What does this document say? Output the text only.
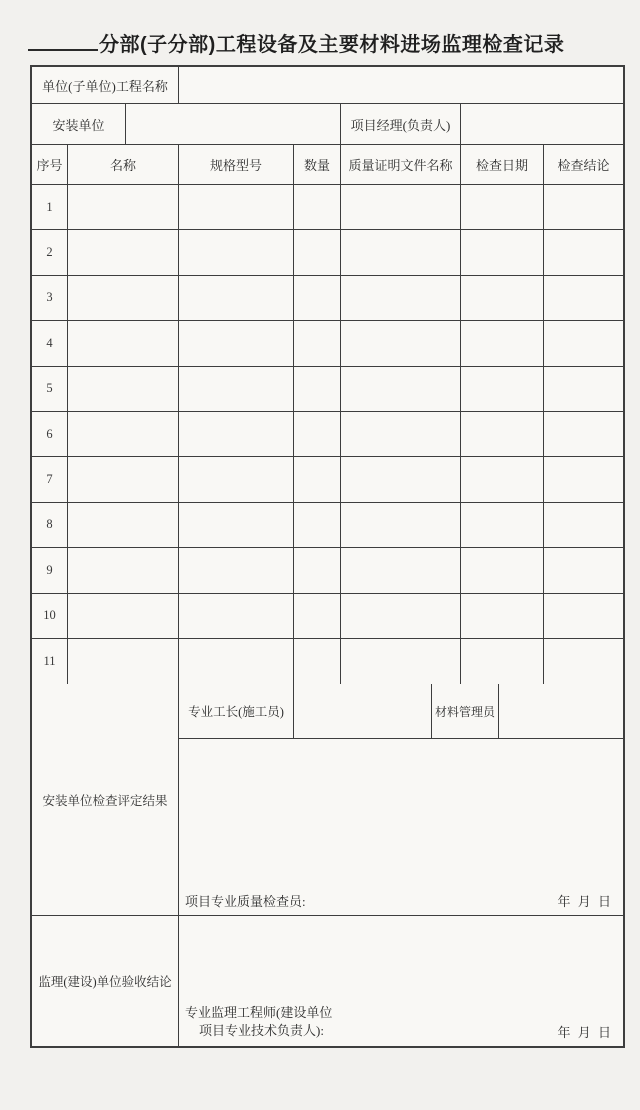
分部(子分部)工程设备及主要材料进场监理检查记录
单位(子单位)工程名称
安装单位	项目经理(负责人)
序号	名称	规格型号	数量	质量证明文件名称	检查日期	检查结论
1
2
3
4
5
6
7
8
9
10
11
安装单位检查评定结果
专业工长(施工员)	材料管理员
项目专业质量检查员:	年 月 日
监理(建设)单位验收结论
专业监理工程师(建设单位
项目专业技术负责人):	年 月 日
